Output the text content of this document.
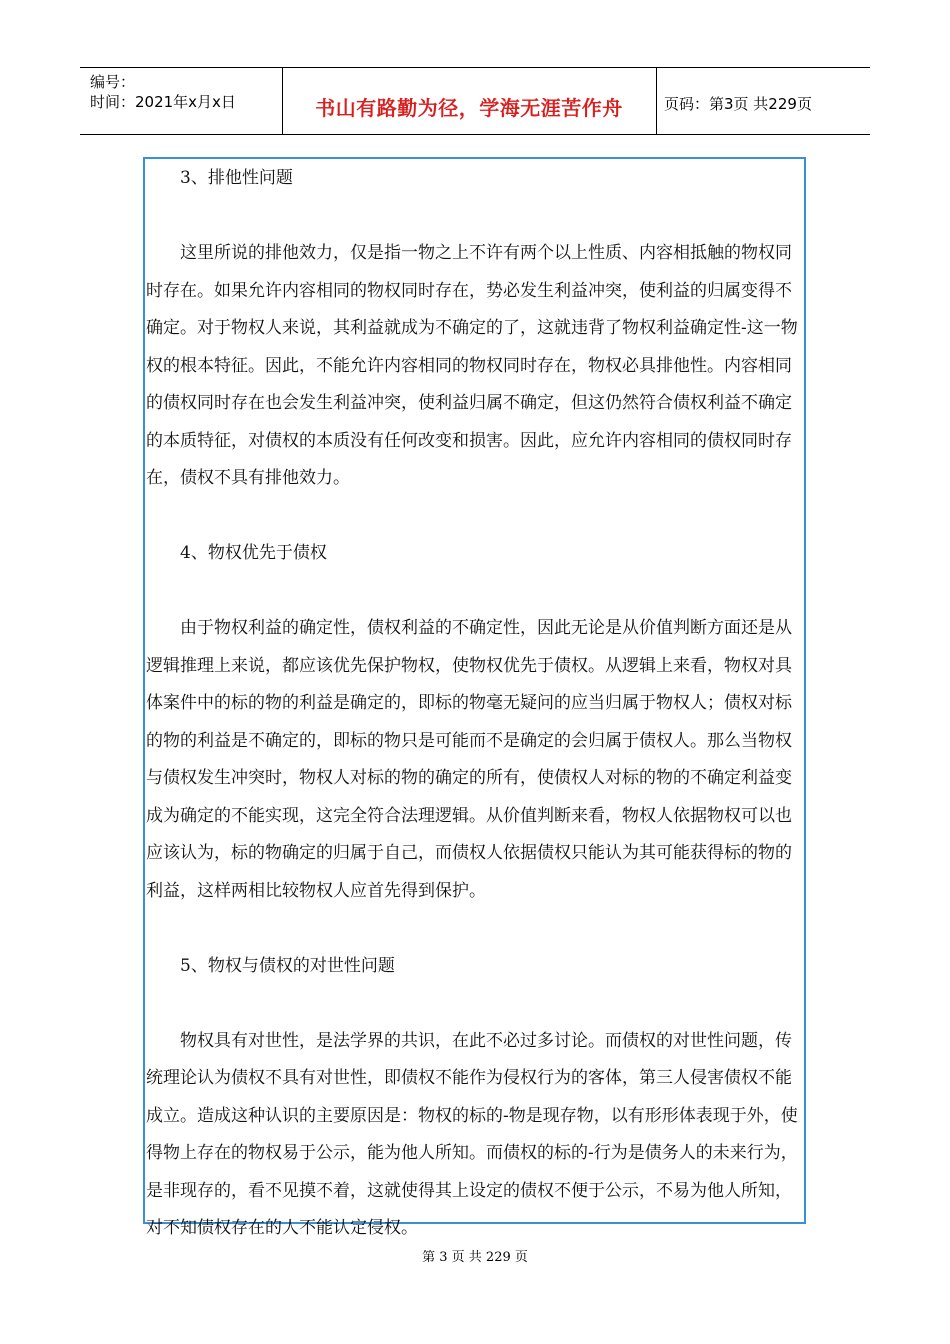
编号：
时间：2021年x月x日	书山有路勤为径，学海无涯苦作舟	页码：第3页 共229页

3、排他性问题

这里所说的排他效力，仅是指一物之上不许有两个以上性质、内容相抵触的物权同时存在。如果允许内容相同的物权同时存在，势必发生利益冲突，使利益的归属变得不确定。对于物权人来说，其利益就成为不确定的了，这就违背了物权利益确定性-这一物权的根本特征。因此，不能允许内容相同的物权同时存在，物权必具排他性。内容相同的债权同时存在也会发生利益冲突，使利益归属不确定，但这仍然符合债权利益不确定的本质特征，对债权的本质没有任何改变和损害。因此，应允许内容相同的债权同时存在，债权不具有排他效力。

4、物权优先于债权

由于物权利益的确定性，债权利益的不确定性，因此无论是从价值判断方面还是从逻辑推理上来说，都应该优先保护物权，使物权优先于债权。从逻辑上来看，物权对具体案件中的标的物的利益是确定的，即标的物毫无疑问的应当归属于物权人；债权对标的物的利益是不确定的，即标的物只是可能而不是确定的会归属于债权人。那么当物权与债权发生冲突时，物权人对标的物的确定的所有，使债权人对标的物的不确定利益变成为确定的不能实现，这完全符合法理逻辑。从价值判断来看，物权人依据物权可以也应该认为，标的物确定的归属于自己，而债权人依据债权只能认为其可能获得标的物的利益，这样两相比较物权人应首先得到保护。

5、物权与债权的对世性问题

物权具有对世性，是法学界的共识，在此不必过多讨论。而债权的对世性问题，传统理论认为债权不具有对世性，即债权不能作为侵权行为的客体，第三人侵害债权不能成立。造成这种认识的主要原因是：物权的标的-物是现存物，以有形形体表现于外，使得物上存在的物权易于公示，能为他人所知。而债权的标的-行为是债务人的未来行为，是非现存的，看不见摸不着，这就使得其上设定的债权不便于公示，不易为他人所知，对不知债权存在的人不能认定侵权。

第 3 页 共 229 页
